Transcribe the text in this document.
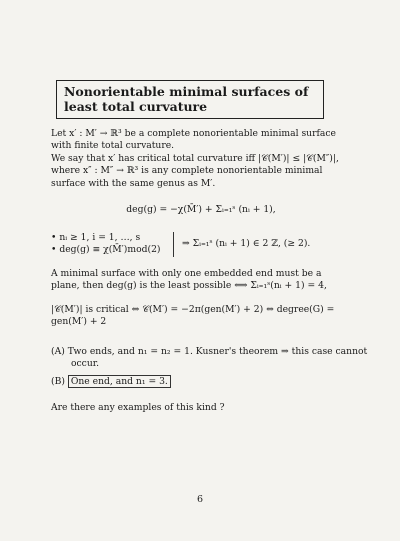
Nonorientable minimal surfaces of least total curvature
Let x′ : M′ → ℝ³ be a complete nonorientable minimal surface with finite total curvature.
We say that x′ has critical total curvature iff |𝒞(M′)| ≤ |𝒞(M″)|, where x″ : M″ → ℝ³ is any complete nonorientable minimal surface with the same genus as M′.
deg(g) = −χ(M̄′) + Σᵢ₌₁ˢ (nᵢ + 1),
• nᵢ ≥ 1, i = 1, …, s
• deg(g) ≡ χ(M̄′)mod(2)
⇒ Σᵢ₌₁ˢ (nᵢ + 1) ∈ 2 ℤ, (≥ 2).
A minimal surface with only one embedded end must be a plane, then deg(g) is the least possible ⟺ Σᵢ₌₁ˢ(nᵢ + 1) = 4,
|𝒞(M′)| is critical ⇔ 𝒞(M′) = −2π(gen(M′) + 2) ⇔ degree(G) = gen(M′) + 2
(A) Two ends, and n₁ = n₂ = 1. Kusner's theorem ⇒ this case cannot occur.
(B) One end, and n₁ = 3.
Are there any examples of this kind ?
6
